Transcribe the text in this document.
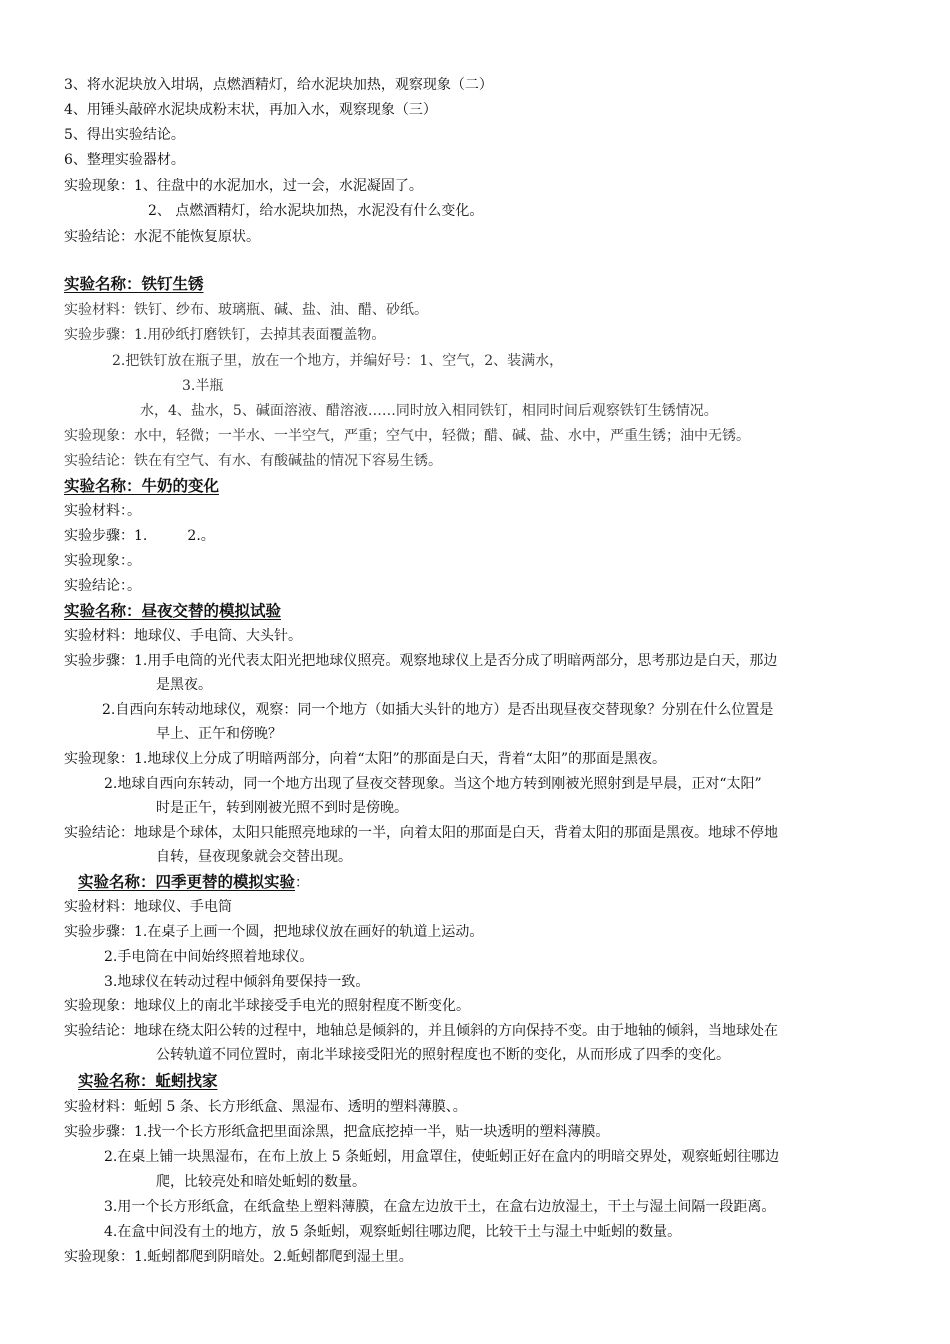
3、将水泥块放入坩埚，点燃酒精灯，给水泥块加热，观察现象（二）
4、用锤头敲碎水泥块成粉末状，再加入水，观察现象（三）
5、得出实验结论。
6、整理实验器材。
实验现象：1、往盘中的水泥加水，过一会，水泥凝固了。
2、 点燃酒精灯，给水泥块加热，水泥没有什么变化。
实验结论：水泥不能恢复原状。
实验名称：铁钉生锈
实验材料：铁钉、纱布、玻璃瓶、碱、盐、油、醋、砂纸。
实验步骤：1.用砂纸打磨铁钉，去掉其表面覆盖物。
2.把铁钉放在瓶子里，放在一个地方，并编好号：1、空气，2、装满水，
3.半瓶
水，4、盐水，5、碱面溶液、醋溶液……同时放入相同铁钉，相同时间后观察铁钉生锈情况。
实验现象：水中，轻微；一半水、一半空气，严重；空气中，轻微；醋、碱、盐、水中，严重生锈；油中无锈。
实验结论：铁在有空气、有水、有酸碱盐的情况下容易生锈。
实验名称：牛奶的变化
实验材料：。
实验步骤：1.         2.。
实验现象：。
实验结论：。
实验名称：昼夜交替的模拟试验
实验材料：地球仪、手电筒、大头针。
实验步骤：1.用手电筒的光代表太阳光把地球仪照亮。观察地球仪上是否分成了明暗两部分，思考那边是白天，那边
是黑夜。
2.自西向东转动地球仪，观察：同一个地方（如插大头针的地方）是否出现昼夜交替现象？分别在什么位置是
早上、正午和傍晚？
实验现象：1.地球仪上分成了明暗两部分，向着“太阳”的那面是白天，背着“太阳”的那面是黑夜。
2.地球自西向东转动，同一个地方出现了昼夜交替现象。当这个地方转到刚被光照射到是早晨，正对“太阳”
时是正午，转到刚被光照不到时是傍晚。
实验结论：地球是个球体，太阳只能照亮地球的一半，向着太阳的那面是白天，背着太阳的那面是黑夜。地球不停地
自转，昼夜现象就会交替出现。
实验名称：四季更替的模拟实验：
实验材料：地球仪、手电筒
实验步骤：1.在桌子上画一个圆，把地球仪放在画好的轨道上运动。
2.手电筒在中间始终照着地球仪。
3.地球仪在转动过程中倾斜角要保持一致。
实验现象：地球仪上的南北半球接受手电光的照射程度不断变化。
实验结论：地球在绕太阳公转的过程中，地轴总是倾斜的，并且倾斜的方向保持不变。由于地轴的倾斜，当地球处在
公转轨道不同位置时，南北半球接受阳光的照射程度也不断的变化，从而形成了四季的变化。
实验名称：蚯蚓找家
实验材料：蚯蚓 5 条、长方形纸盒、黑湿布、透明的塑料薄膜、。
实验步骤：1.找一个长方形纸盒把里面涂黑，把盒底挖掉一半，贴一块透明的塑料薄膜。
2.在桌上铺一块黑湿布，在布上放上 5 条蚯蚓，用盒罩住，使蚯蚓正好在盒内的明暗交界处，观察蚯蚓往哪边
爬，比较亮处和暗处蚯蚓的数量。
3.用一个长方形纸盒，在纸盒垫上塑料薄膜，在盒左边放干土，在盒右边放湿土，干土与湿土间隔一段距离。
4.在盒中间没有土的地方，放 5 条蚯蚓，观察蚯蚓往哪边爬，比较干土与湿土中蚯蚓的数量。
实验现象：1.蚯蚓都爬到阴暗处。2.蚯蚓都爬到湿土里。
